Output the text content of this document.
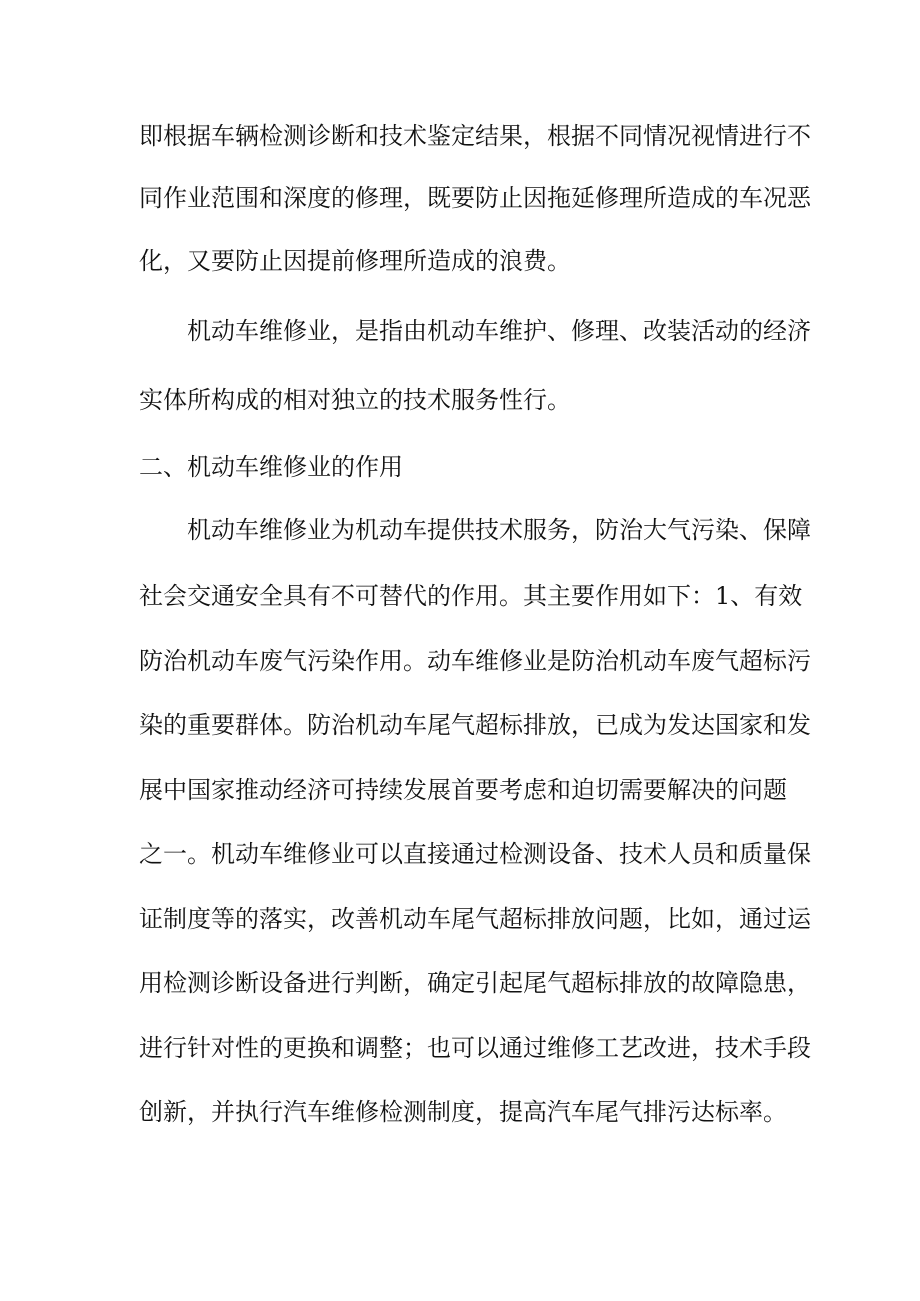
即根据车辆检测诊断和技术鉴定结果，根据不同情况视情进行不
同作业范围和深度的修理，既要防止因拖延修理所造成的车况恶
化，又要防止因提前修理所造成的浪费。
机动车维修业，是指由机动车维护、修理、改装活动的经济
实体所构成的相对独立的技术服务性行。
二、机动车维修业的作用
机动车维修业为机动车提供技术服务，防治大气污染、保障
社会交通安全具有不可替代的作用。其主要作用如下：1、有效
防治机动车废气污染作用。动车维修业是防治机动车废气超标污
染的重要群体。防治机动车尾气超标排放，已成为发达国家和发
展中国家推动经济可持续发展首要考虑和迫切需要解决的问题
之一。机动车维修业可以直接通过检测设备、技术人员和质量保
证制度等的落实，改善机动车尾气超标排放问题，比如，通过运
用检测诊断设备进行判断，确定引起尾气超标排放的故障隐患，
进行针对性的更换和调整；也可以通过维修工艺改进，技术手段
创新，并执行汽车维修检测制度，提高汽车尾气排污达标率。
